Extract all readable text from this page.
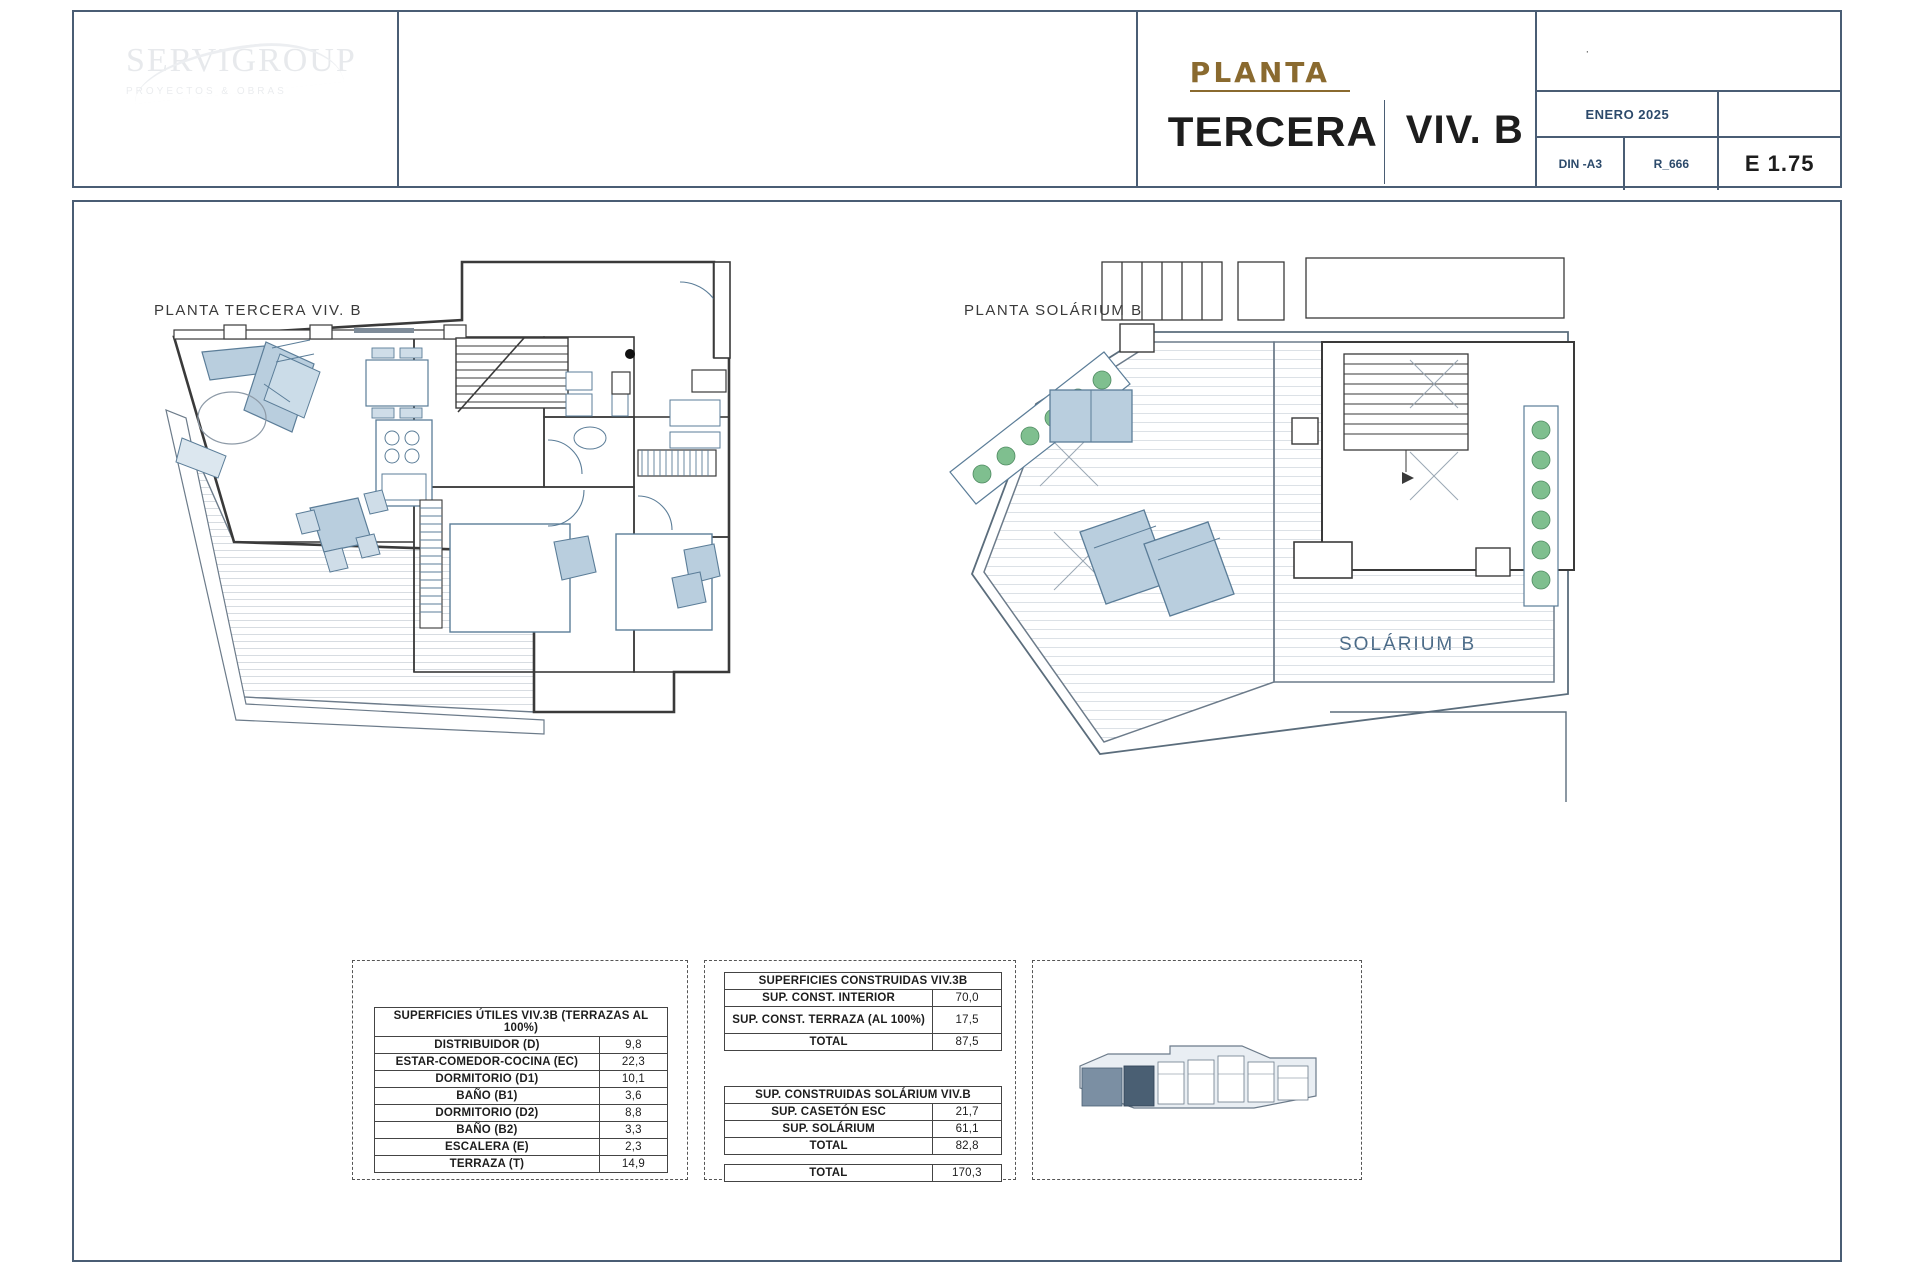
SERVIGROUP
PROYECTOS & OBRAS
PLANTA
TERCERA VIV. B
·
ENERO 2025
DIN -A3	R_666	E 1.75
PLANTA TERCERA VIV. B	PLANTA SOLÁRIUM B
SUPERFICIES ÚTILES VIV.3B (TERRAZAS AL 100%)	
DISTRIBUIDOR (D)	9,8
ESTAR-COMEDOR-COCINA (EC)	22,3
DORMITORIO (D1)	10,1
BAÑO (B1)	3,6
DORMITORIO (D2)	8,8
BAÑO (B2)	3,3
ESCALERA (E)	2,3
TERRAZA (T)	14,9
SUPERFICIES CONSTRUIDAS VIV.3B	
SUP. CONST. INTERIOR	70,0
SUP. CONST. TERRAZA (AL 100%)	17,5
TOTAL	87,5
SUP. CONSTRUIDAS SOLÁRIUM VIV.B	
SUP. CASETÓN ESC	21,7
SUP. SOLÁRIUM	61,1
TOTAL	82,8
TOTAL	170,3
